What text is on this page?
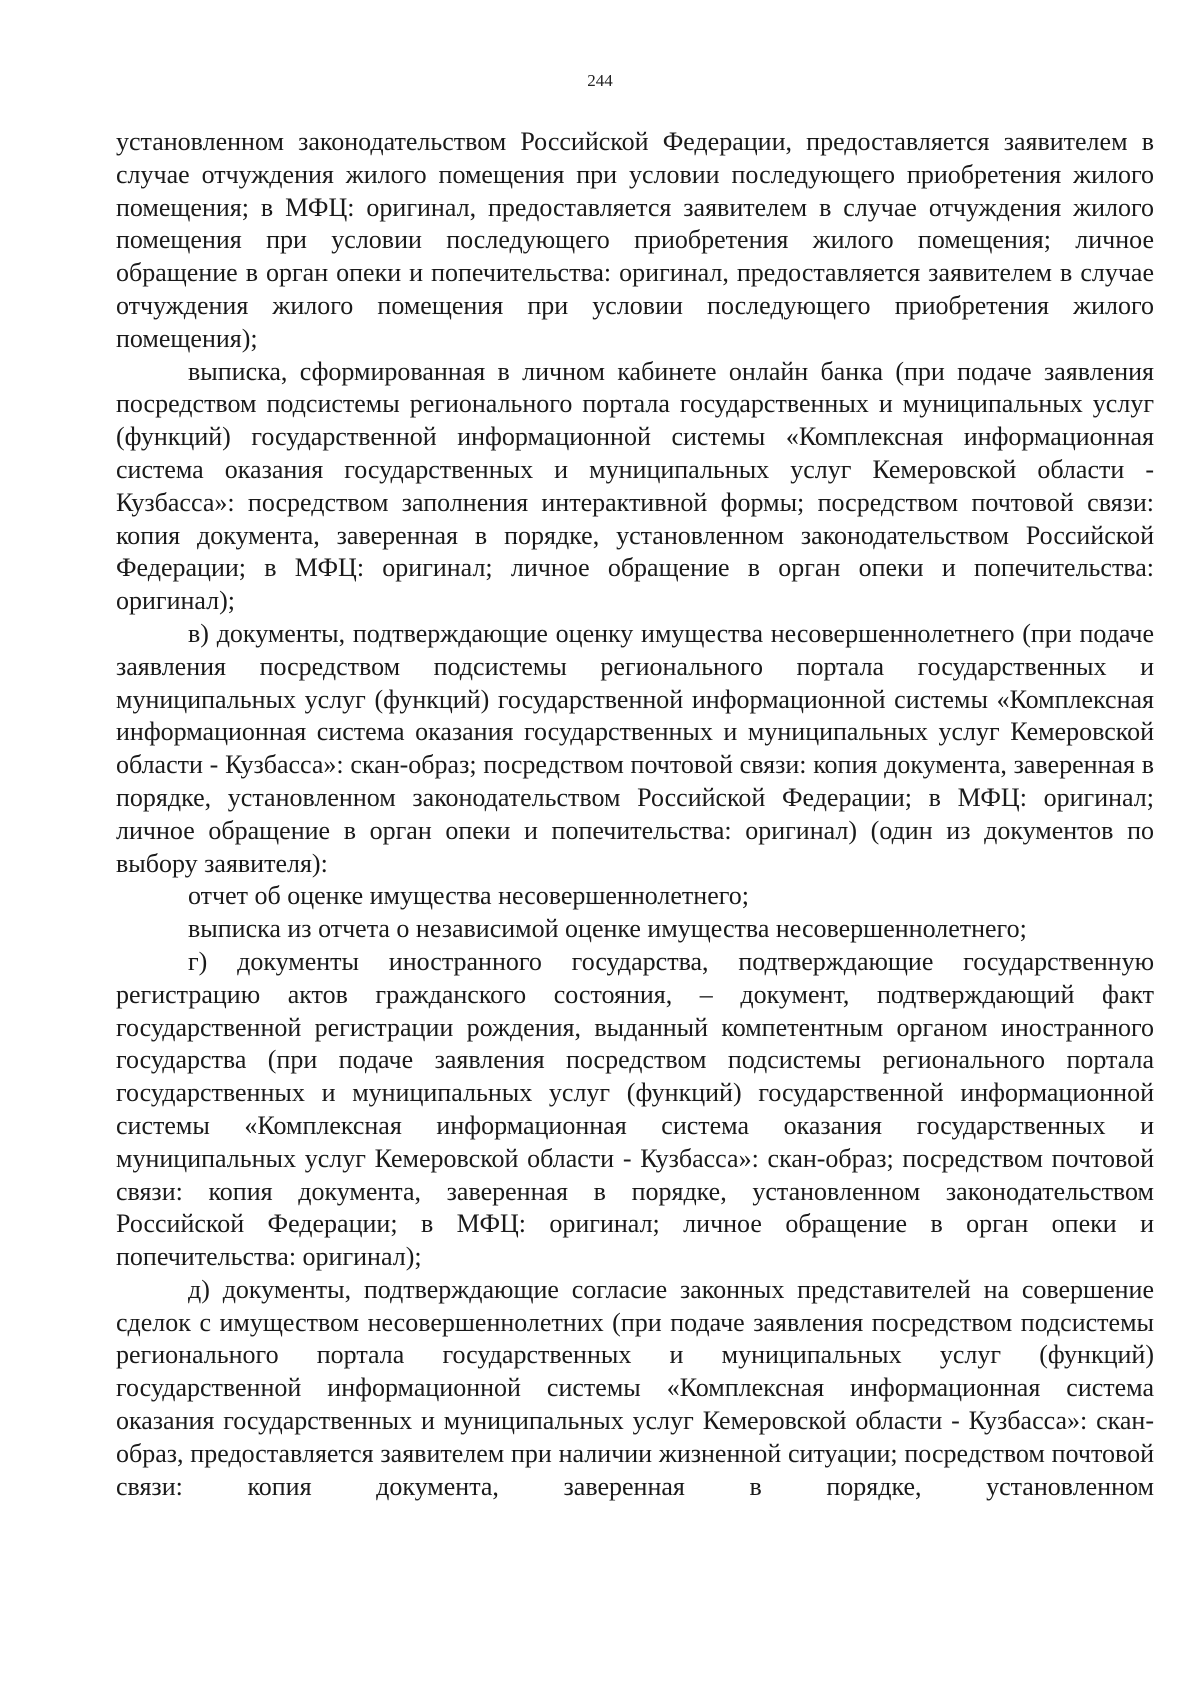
244

установленном законодательством Российской Федерации, предоставляется заявителем в случае отчуждения жилого помещения при условии последующего приобретения жилого помещения; в МФЦ: оригинал, предоставляется заявителем в случае отчуждения жилого помещения при условии последующего приобретения жилого помещения; личное обращение в орган опеки и попечительства: оригинал, предоставляется заявителем в случае отчуждения жилого помещения при условии последующего приобретения жилого помещения);

выписка, сформированная в личном кабинете онлайн банка (при подаче заявления посредством подсистемы регионального портала государственных и муниципальных услуг (функций) государственной информационной системы «Комплексная информационная система оказания государственных и муниципальных услуг Кемеровской области - Кузбасса»: посредством заполнения интерактивной формы; посредством почтовой связи: копия документа, заверенная в порядке, установленном законодательством Российской Федерации; в МФЦ: оригинал; личное обращение в орган опеки и попечительства: оригинал);

в) документы, подтверждающие оценку имущества несовершеннолетнего (при подаче заявления посредством подсистемы регионального портала государственных и муниципальных услуг (функций) государственной информационной системы «Комплексная информационная система оказания государственных и муниципальных услуг Кемеровской области - Кузбасса»: скан-образ; посредством почтовой связи: копия документа, заверенная в порядке, установленном законодательством Российской Федерации; в МФЦ: оригинал; личное обращение в орган опеки и попечительства: оригинал) (один из документов по выбору заявителя):

отчет об оценке имущества несовершеннолетнего;

выписка из отчета о независимой оценке имущества несовершеннолетнего;

г) документы иностранного государства, подтверждающие государственную регистрацию актов гражданского состояния, – документ, подтверждающий факт государственной регистрации рождения, выданный компетентным органом иностранного государства (при подаче заявления посредством подсистемы регионального портала государственных и муниципальных услуг (функций) государственной информационной системы «Комплексная информационная система оказания государственных и муниципальных услуг Кемеровской области - Кузбасса»: скан-образ; посредством почтовой связи: копия документа, заверенная в порядке, установленном законодательством Российской Федерации; в МФЦ: оригинал; личное обращение в орган опеки и попечительства: оригинал);

д) документы, подтверждающие согласие законных представителей на совершение сделок с имуществом несовершеннолетних (при подаче заявления посредством подсистемы регионального портала государственных и муниципальных услуг (функций) государственной информационной системы «Комплексная информационная система оказания государственных и муниципальных услуг Кемеровской области - Кузбасса»: скан-образ, предоставляется заявителем при наличии жизненной ситуации; посредством почтовой связи: копия документа, заверенная в порядке, установленном
